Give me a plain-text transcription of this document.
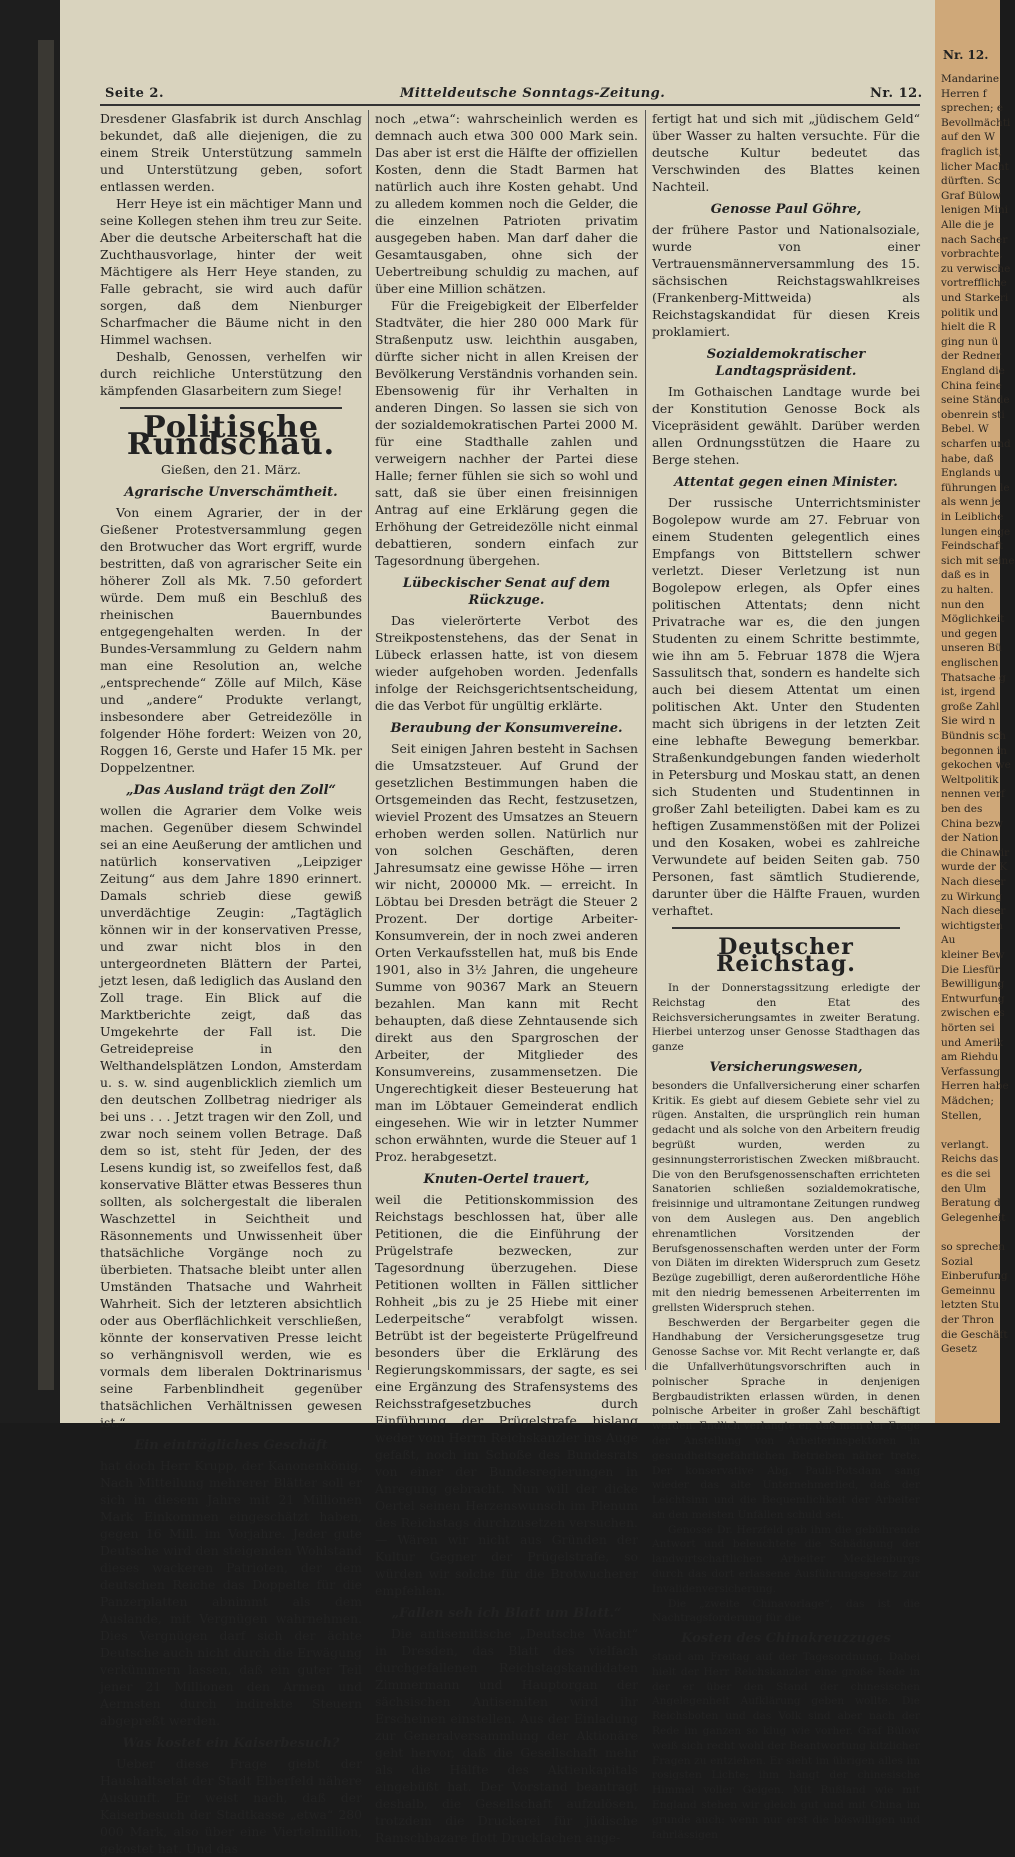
Nr. 12.
Mandarine
Herren f
sprechen; e
Bevollmächti
auf den W
fraglich ist,
licher Macht
dürften. Sc
Graf Bülow
lenigen Mini
Alle die je
nach Sacher
vorbrachte,
zu verwische
vortreffliche
und Starkeri
politik und
hielt die R
ging nun ü
der Redner
England die
China feine
seine Stände
obenrein sti
Bebel. W
scharfen und
habe, daß
Englands u
führungen le
als wenn je
in Leibliche
lungen einge
Feindschaft
sich mit seine
daß es in
zu halten.
nun den
Möglichkeit
und gegen
unseren Bü
englischen
Thatsache g
ist, irgend
große Zahl
Sie wird n
Bündnis sch
begonnen in
gekochen we
Weltpolitik
nennen verf
ben des
China bezw
der Nation
die Chinawir
wurde der K
Nach dieser
zu Wirkung
Nach dieser
wichtigsten
Au
kleiner Bew
Die Liesfür
Bewilligung
Entwurfung
zwischen es
hörten sei
und Amerik
am Riehdu
Verfassung
Herren habe
Mädchen;
Stellen,
verlangt.
Reichs das
es die sei
den Ulm
Beratung d
Gelegenheit
so sprechen
Sozial
Einberufung
Gemeinnu
letzten Stu
der Thron
die Geschäft
Gesetz
Seite 2.	Mitteldeutsche Sonntags-Zeitung.	Nr. 12.

Dresdener Glasfabrik ist durch Anschlag bekundet, daß alle diejenigen, die zu einem Streik Unterstützung sammeln und Unterstützung geben, sofort entlassen werden.

Herr Heye ist ein mächtiger Mann und seine Kollegen stehen ihm treu zur Seite. Aber die deutsche Arbeiterschaft hat die Zuchthausvorlage, hinter der weit Mächtigere als Herr Heye standen, zu Falle gebracht, sie wird auch dafür sorgen, daß dem Nienburger Scharfmacher die Bäume nicht in den Himmel wachsen.

Deshalb, Genossen, verhelfen wir durch reichliche Unterstützung den kämpfenden Glasarbeitern zum Siege!

Politische Rundschau.

Gießen, den 21. März.

Agrarische Unverschämtheit.

Von einem Agrarier, der in der Gießener Protestversammlung gegen den Brotwucher das Wort ergriff, wurde bestritten, daß von agrarischer Seite ein höherer Zoll als Mk. 7.50 gefordert würde. Dem muß ein Beschluß des rheinischen Bauernbundes entgegengehalten werden. In der Bundes-Versammlung zu Geldern nahm man eine Resolution an, welche „entsprechende“ Zölle auf Milch, Käse und „andere“ Produkte verlangt, insbesondere aber Getreidezölle in folgender Höhe fordert: Weizen von 20, Roggen 16, Gerste und Hafer 15 Mk. per Doppelzentner.

„Das Ausland trägt den Zoll“

wollen die Agrarier dem Volke weis machen. Gegenüber diesem Schwindel sei an eine Aeußerung der amtlichen und natürlich konservativen „Leipziger Zeitung“ aus dem Jahre 1890 erinnert. Damals schrieb diese gewiß unverdächtige Zeugin: „Tagtäglich können wir in der konservativen Presse, und zwar nicht blos in den untergeordneten Blättern der Partei, jetzt lesen, daß lediglich das Ausland den Zoll trage. Ein Blick auf die Marktberichte zeigt, daß das Umgekehrte der Fall ist. Die Getreidepreise in den Welthandelsplätzen London, Amsterdam u. s. w. sind augenblicklich ziemlich um den deutschen Zollbetrag niedriger als bei uns . . . Jetzt tragen wir den Zoll, und zwar noch seinem vollen Betrage. Daß dem so ist, steht für Jeden, der des Lesens kundig ist, so zweifellos fest, daß konservative Blätter etwas Besseres thun sollten, als solchergestalt die liberalen Waschzettel in Seichtheit und Räsonnements und Unwissenheit über thatsächliche Vorgänge noch zu überbieten. Thatsache bleibt unter allen Umständen Thatsache und Wahrheit Wahrheit. Sich der letzteren absichtlich oder aus Oberflächlichkeit verschließen, könnte der konservativen Presse leicht so verhängnisvoll werden, wie es vormals dem liberalen Doktrinarismus seine Farbenblindheit gegenüber thatsächlichen Verhältnissen gewesen ist.“

Ein einträgliches Geschäft

hat doch Herr Krupp, der Kanonenkönig. Nach Mitteilung mehrerer Blätter soll er sich in diesem Jahre mit 21 Millionen Mark Einkommen eingeschätzt haben, gegen 16 Mill. im Vorjahre. Jeder gute Deutsche wird den steigenden Wohlstand dieses wackeren Patrioten, der dem deutschen Reiche das Doppelte für die Panzerplatten abnimmt als dem Auslande, mit Vergnügen wahrnehmen. Dies Vergnügen darf sich der ächte Deutsche auch nicht durch die Erwägung verkümmern lassen, daß ein guter Teil jener 21 Millionen den Armen und Aermsten durch indirekte Steuern abgepreßt werden.

Was kostet ein Kaiserbesuch?

Ueber diese Frage giebt der Haushaltsetat der Stadt Elberfeld nähere Auskunft. Er weist nach, daß der Kaiserbesuch der Stadtkasse „etwa“ 280 000 Mark, also über eine Viertelmillion, gekostet hat. Und das

noch „etwa“: wahrscheinlich werden es demnach auch etwa 300 000 Mark sein. Das aber ist erst die Hälfte der offiziellen Kosten, denn die Stadt Barmen hat natürlich auch ihre Kosten gehabt. Und zu alledem kommen noch die Gelder, die die einzelnen Patrioten privatim ausgegeben haben. Man darf daher die Gesamtausgaben, ohne sich der Uebertreibung schuldig zu machen, auf über eine Million schätzen.

Für die Freigebigkeit der Elberfelder Stadtväter, die hier 280 000 Mark für Straßenputz usw. leichthin ausgaben, dürfte sicher nicht in allen Kreisen der Bevölkerung Verständnis vorhanden sein. Ebensowenig für ihr Verhalten in anderen Dingen. So lassen sie sich von der sozialdemokratischen Partei 2000 M. für eine Stadthalle zahlen und verweigern nachher der Partei diese Halle; ferner fühlen sie sich so wohl und satt, daß sie über einen freisinnigen Antrag auf eine Erklärung gegen die Erhöhung der Getreidezölle nicht einmal debattieren, sondern einfach zur Tagesordnung übergehen.

Lübeckischer Senat auf dem Rückzuge.

Das vielerörterte Verbot des Streikpostenstehens, das der Senat in Lübeck erlassen hatte, ist von diesem wieder aufgehoben worden. Jedenfalls infolge der Reichsgerichtsentscheidung, die das Verbot für ungültig erklärte.

Beraubung der Konsumvereine.

Seit einigen Jahren besteht in Sachsen die Umsatzsteuer. Auf Grund der gesetzlichen Bestimmungen haben die Ortsgemeinden das Recht, festzusetzen, wieviel Prozent des Umsatzes an Steuern erhoben werden sollen. Natürlich nur von solchen Geschäften, deren Jahresumsatz eine gewisse Höhe — irren wir nicht, 200000 Mk. — erreicht. In Löbtau bei Dresden beträgt die Steuer 2 Prozent. Der dortige Arbeiter-Konsumverein, der in noch zwei anderen Orten Verkaufsstellen hat, muß bis Ende 1901, also in 3½ Jahren, die ungeheure Summe von 90367 Mark an Steuern bezahlen. Man kann mit Recht behaupten, daß diese Zehntausende sich direkt aus den Spargroschen der Arbeiter, der Mitglieder des Konsumvereins, zusammensetzen. Die Ungerechtigkeit dieser Besteuerung hat man im Löbtauer Gemeinderat endlich eingesehen. Wie wir in letzter Nummer schon erwähnten, wurde die Steuer auf 1 Proz. herabgesetzt.

Knuten-Oertel trauert,

weil die Petitionskommission des Reichstags beschlossen hat, über alle Petitionen, die die Einführung der Prügelstrafe bezwecken, zur Tagesordnung überzugehen. Diese Petitionen wollten in Fällen sittlicher Rohheit „bis zu je 25 Hiebe mit einer Lederpeitsche“ verabfolgt wissen. Betrübt ist der begeisterte Prügelfreund besonders über die Erklärung des Regierungskommissars, der sagte, es sei eine Ergänzung des Strafensystems des Reichsstrafgesetzbuches durch Einführung der Prügelstrafe bislang weder vom Herrn Reichskanzler ins Auge gefaßt, noch im Schoße des Bundesrats von einer der Bundesregierungen in Anregung gebracht. Nun will der dicke Oertel seinen Herzenswunsch im Plenum des Reichstags durchzusetzen versuchen. — Wären wir nicht aus Gründen der Kultur Gegner der Prügelstrafe, so würden wir solche für die Brotwucherer empfehlen.

„Fallen seh ich Blatt um Blatt.“

Die antisemitische „Deutsche Wacht“ in Dresden, das Blatt des vielfach durchgefallenen Reichstagskandidaten Zimmermann und Hauptorgan der sächsischen Antisemiten wird ihr Erscheinen einstellen. Aus der Einladung zur Generalversammlung der Aktionäre geht hervor, daß die Gesellschaft mehr als die Hälfte des Aktienkapitals eingebüßt hat. Der Vorstand beantragt deshalb, die Gesellschaft aufzulösen, trotzdem die Druckerei für jüdische Ramschbazare flott Druckſachen ange-

fertigt hat und sich mit „jüdischem Geld“ über Wasser zu halten versuchte. Für die deutsche Kultur bedeutet das Verschwinden des Blattes keinen Nachteil.

Genosse Paul Göhre,

der frühere Pastor und Nationalsoziale, wurde von einer Vertrauensmännerversammlung des 15. sächsischen Reichstagswahlkreises (Frankenberg-Mittweida) als Reichstagskandidat für diesen Kreis proklamiert.

Sozialdemokratischer Landtagspräsident.

Im Gothaischen Landtage wurde bei der Konstitution Genosse Bock als Vicepräsident gewählt. Darüber werden allen Ordnungsstützen die Haare zu Berge stehen.

Attentat gegen einen Minister.

Der russische Unterrichtsminister Bogolepow wurde am 27. Februar von einem Studenten gelegentlich eines Empfangs von Bittstellern schwer verletzt. Dieser Verletzung ist nun Bogolepow erlegen, als Opfer eines politischen Attentats; denn nicht Privatrache war es, die den jungen Studenten zu einem Schritte bestimmte, wie ihn am 5. Februar 1878 die Wjera Sassulitsch that, sondern es handelte sich auch bei diesem Attentat um einen politischen Akt. Unter den Studenten macht sich übrigens in der letzten Zeit eine lebhafte Bewegung bemerkbar. Straßenkundgebungen fanden wiederholt in Petersburg und Moskau statt, an denen sich Studenten und Studentinnen in großer Zahl beteiligten. Dabei kam es zu heftigen Zusammenstößen mit der Polizei und den Kosaken, wobei es zahlreiche Verwundete auf beiden Seiten gab. 750 Personen, fast sämtlich Studierende, darunter über die Hälfte Frauen, wurden verhaftet.

Deutscher Reichstag.

In der Donnerstagssitzung erledigte der Reichstag den Etat des Reichsversicherungsamtes in zweiter Beratung. Hierbei unterzog unser Genosse Stadthagen das ganze

Versicherungswesen,

besonders die Unfallversicherung einer scharfen Kritik. Es giebt auf diesem Gebiete sehr viel zu rügen. Anstalten, die ursprünglich rein human gedacht und als solche von den Arbeitern freudig begrüßt wurden, werden zu gesinnungsterroristischen Zwecken mißbraucht. Die von den Berufsgenossenschaften errichteten Sanatorien schließen sozialdemokratische, freisinnige und ultramontane Zeitungen rundweg von dem Auslegen aus. Den angeblich ehrenamtlichen Vorsitzenden der Berufsgenossenschaften werden unter der Form von Diäten im direkten Widerspruch zum Gesetz Bezüge zugebilligt, deren außerordentliche Höhe mit den niedrig bemessenen Arbeiterrenten im grellsten Widerspruch stehen.

Beschwerden der Bergarbeiter gegen die Handhabung der Versicherungsgesetze trug Genosse Sachse vor. Mit Recht verlangte er, daß die Unfallverhütungsvorschriften auch in polnischer Sprache in denjenigen Bergbaudistrikten erlassen würden, in denen polnische Arbeiter in großer Zahl beschäftigt werden. Endlich verlangte er, daß man der Frage der Anstellung von Arbeiterinspektoren in gesundheitsgefährlichen Betrieben näher trete. Der konservative Abg. Pauli-Potsdam sang wieder das alte Unternehmerlied, daß der Leichtsinn und die Bequemlichkeit der Arbeiter an den meisten Unfällen schuld sei.

Genosse Dr. Herzfeld gab ihm die gebührende Antwort und beleuchtete die Schädigung der landwirtschaftlichen Arbeiter Mecklenburgs durch das dort erlassene Ausführungsgesetz zur Invalidenversicherung.

Die „zweite Chinavorlage“, das ist die Nachtragsforderung für die

Kosten des Chinakreuzzuges

stand am Freitag auf der Tagesordnung. Dabei hielt der Herr Reichskanzler eine große Rede in der er über den Stand der chinesischen Angelegenheit Aufklärung geben wollte. Die Reichsboten und das Volk sind aber nach der Rede im ganzen so klug wie vorher. Graf Bülow weiß sich recht wohl der Beantwortung kitzlicher Fragen zu entziehen. Er sieht im übrigen alles im rosigsten Lichte; ihm hängt der chinesische Himmel voller Geigen. Mit Rußland wie mit England stehen wir gleich gut und mit China im grunde auch: wenn nur erst die böswilligen und fahrlässigen
